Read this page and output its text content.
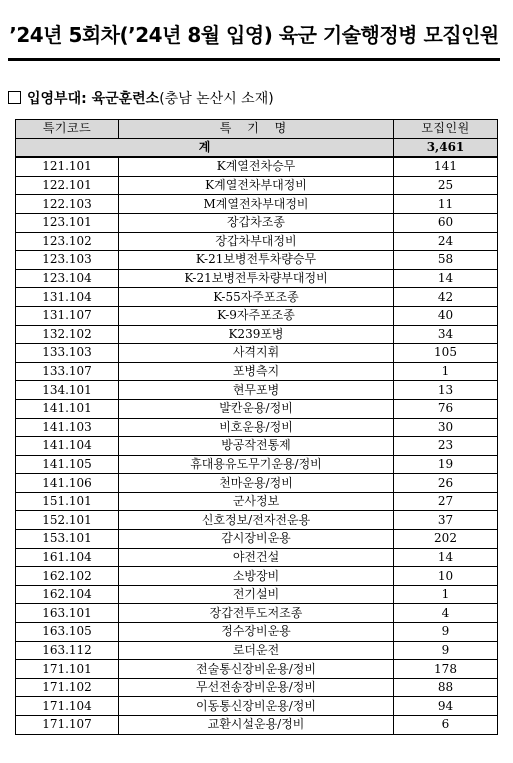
’24년 5회차(’24년 8월 입영) 육군 기술행정병 모집인원
입영부대: 육군훈련소(충남 논산시 소재)
특기코드	특 기 명	모집인원
계		3,461
121.101	K계열전차승무	141
122.101	K계열전차부대정비	25
122.103	M계열전차부대정비	11
123.101	장갑차조종	60
123.102	장갑차부대정비	24
123.103	K-21보병전투차량승무	58
123.104	K-21보병전투차량부대정비	14
131.104	K-55자주포조종	42
131.107	K-9자주포조종	40
132.102	K239포병	34
133.103	사격지휘	105
133.107	포병측지	1
134.101	현무포병	13
141.101	발칸운용/정비	76
141.103	비호운용/정비	30
141.104	방공작전통제	23
141.105	휴대용유도무기운용/정비	19
141.106	천마운용/정비	26
151.101	군사정보	27
152.101	신호정보/전자전운용	37
153.101	감시장비운용	202
161.104	야전건설	14
162.102	소방장비	10
162.104	전기설비	1
163.101	장갑전투도저조종	4
163.105	정수장비운용	9
163.112	로더운전	9
171.101	전술통신장비운용/정비	178
171.102	무선전송장비운용/정비	88
171.104	이동통신장비운용/정비	94
171.107	교환시설운용/정비	6
